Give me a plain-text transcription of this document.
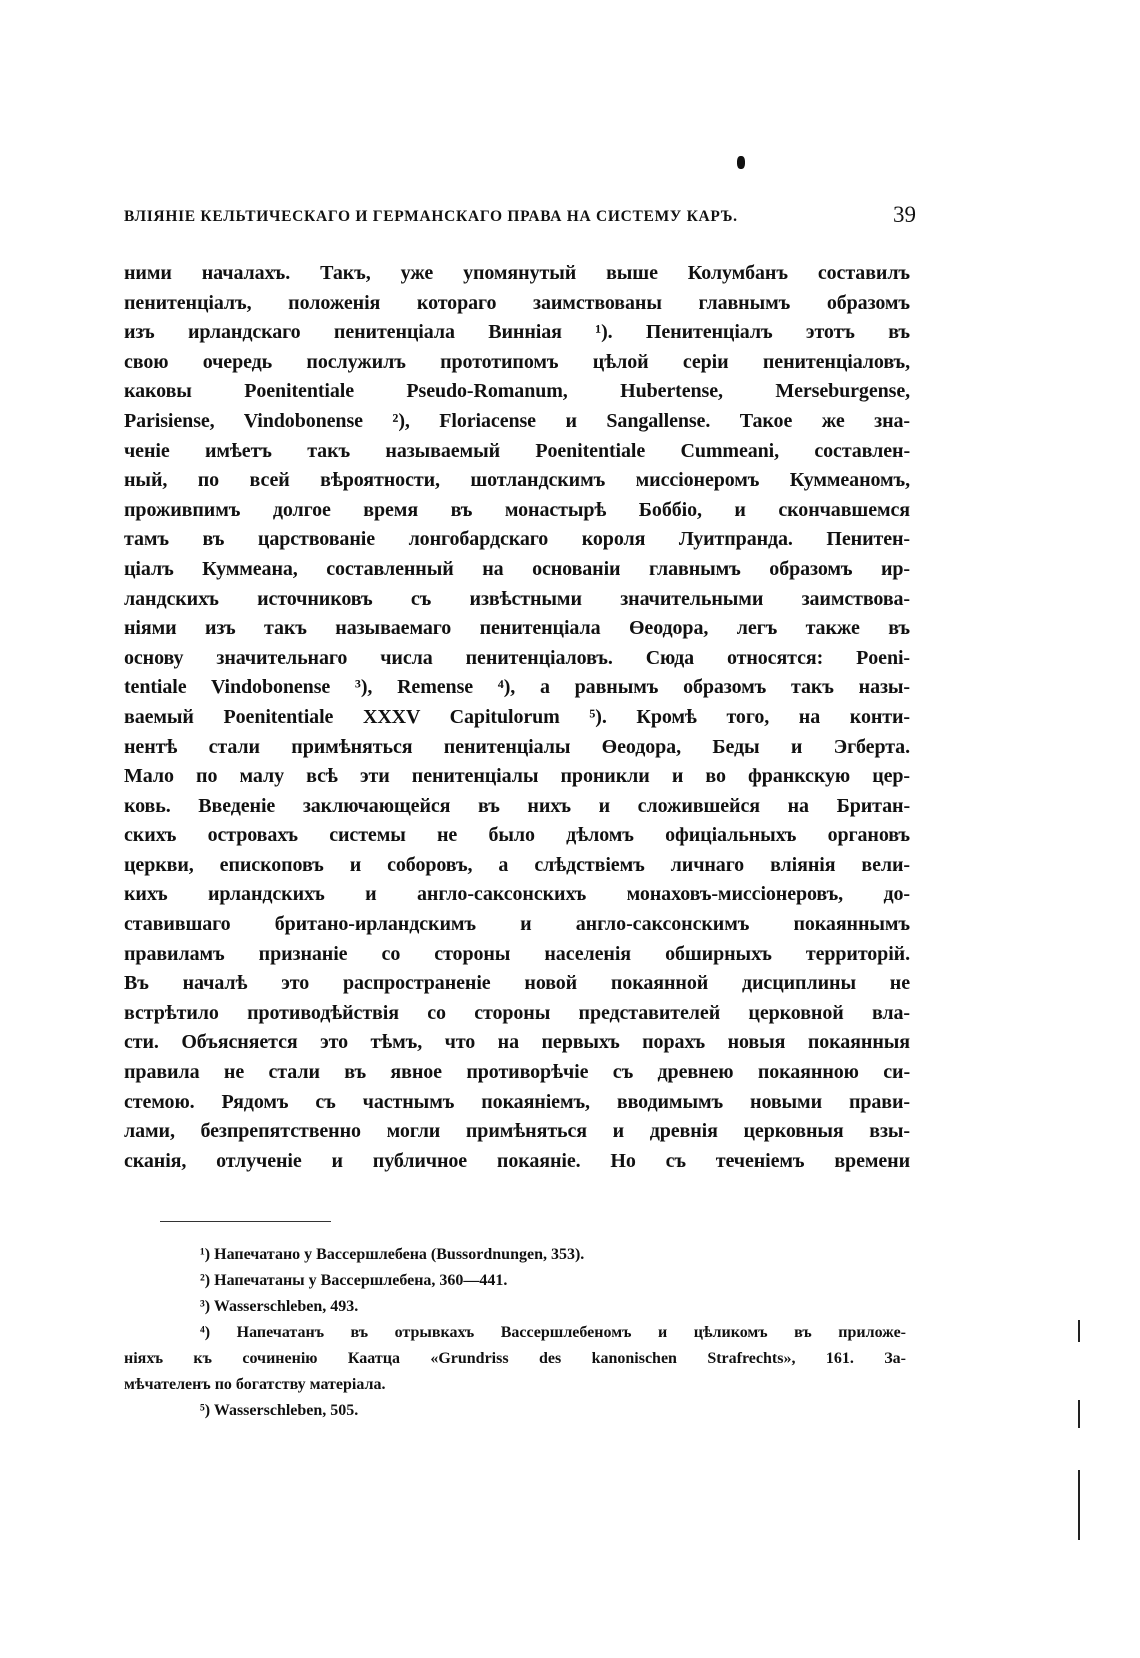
ВЛІЯНІЕ КЕЛЬТИЧЕСКАГО И ГЕРМАНСКАГО ПРАВА НА СИСТЕМУ КАРЪ.	39
ними началахъ. Такъ, уже упомянутый выше Колумбанъ составилъ
пенитенціалъ, положенія котораго заимствованы главнымъ образомъ
изъ ирландскаго пенитенціала Винніая ¹). Пенитенціалъ этотъ въ
свою очередь послужилъ прототипомъ цѣлой серіи пенитенціаловъ,
каковы Poenitentiale Pseudo-Romanum, Hubertense, Merseburgense,
Parisiense, Vindobonense ²), Floriacense и Sangallense. Такое же зна-
ченіе имѣетъ такъ называемый Poenitentiale Cummeani, составлен-
ный, по всей вѣроятности, шотландскимъ миссіонеромъ Куммеаномъ,
проживпимъ долгое время въ монастырѣ Боббіо, и скончавшемся
тамъ въ царствованіе лонгобардскаго короля Луитпранда. Пенитен-
ціалъ Куммеана, составленный на основаніи главнымъ образомъ ир-
ландскихъ источниковъ съ извѣстными значительными заимствова-
ніями изъ такъ называемаго пенитенціала Өеодора, легъ также въ
основу значительнаго числа пенитенціаловъ. Сюда относятся: Poeni-
tentiale Vindobonense ³), Remense ⁴), а равнымъ образомъ такъ назы-
ваемый Poenitentiale XXXV Capitulorum ⁵). Кромѣ того, на конти-
нентѣ стали примѣняться пенитенціалы Өеодора, Беды и Эгберта.
Мало по малу всѣ эти пенитенціалы проникли и во франкскую цер-
ковь. Введеніе заключающейся въ нихъ и сложившейся на Британ-
скихъ островахъ системы не было дѣломъ офиціальныхъ органовъ
церкви, епископовъ и соборовъ, а слѣдствіемъ личнаго вліянія вели-
кихъ ирландскихъ и англо-саксонскихъ монаховъ-миссіонеровъ, до-
ставившаго британо-ирландскимъ и англо-саксонскимъ покаяннымъ
правиламъ признаніе со стороны населенія обширныхъ территорій.
Въ началѣ это распространеніе новой покаянной дисциплины не
встрѣтило противодѣйствія со стороны представителей церковной вла-
сти. Объясняется это тѣмъ, что на первыхъ порахъ новыя покаянныя
правила не стали въ явное противорѣчіе съ древнею покаянною си-
стемою. Рядомъ съ частнымъ покаяніемъ, вводимымъ новыми прави-
лами, безпрепятственно могли примѣняться и древнія церковныя взы-
сканія, отлученіе и публичное покаяніе. Но съ теченіемъ времени
¹) Напечатано у Вассершлебена (Bussordnungen, 353).
²) Напечатаны у Вассершлебена, 360—441.
³) Wasserschleben, 493.
⁴) Напечатанъ въ отрывкахъ Вассершлебеномъ и цѣликомъ въ приложе-
ніяхъ къ сочиненію Каатца «Grundriss des kanonischen Strafrechts», 161. За-
мѣчателенъ по богатству матеріала.
⁵) Wasserschleben, 505.
